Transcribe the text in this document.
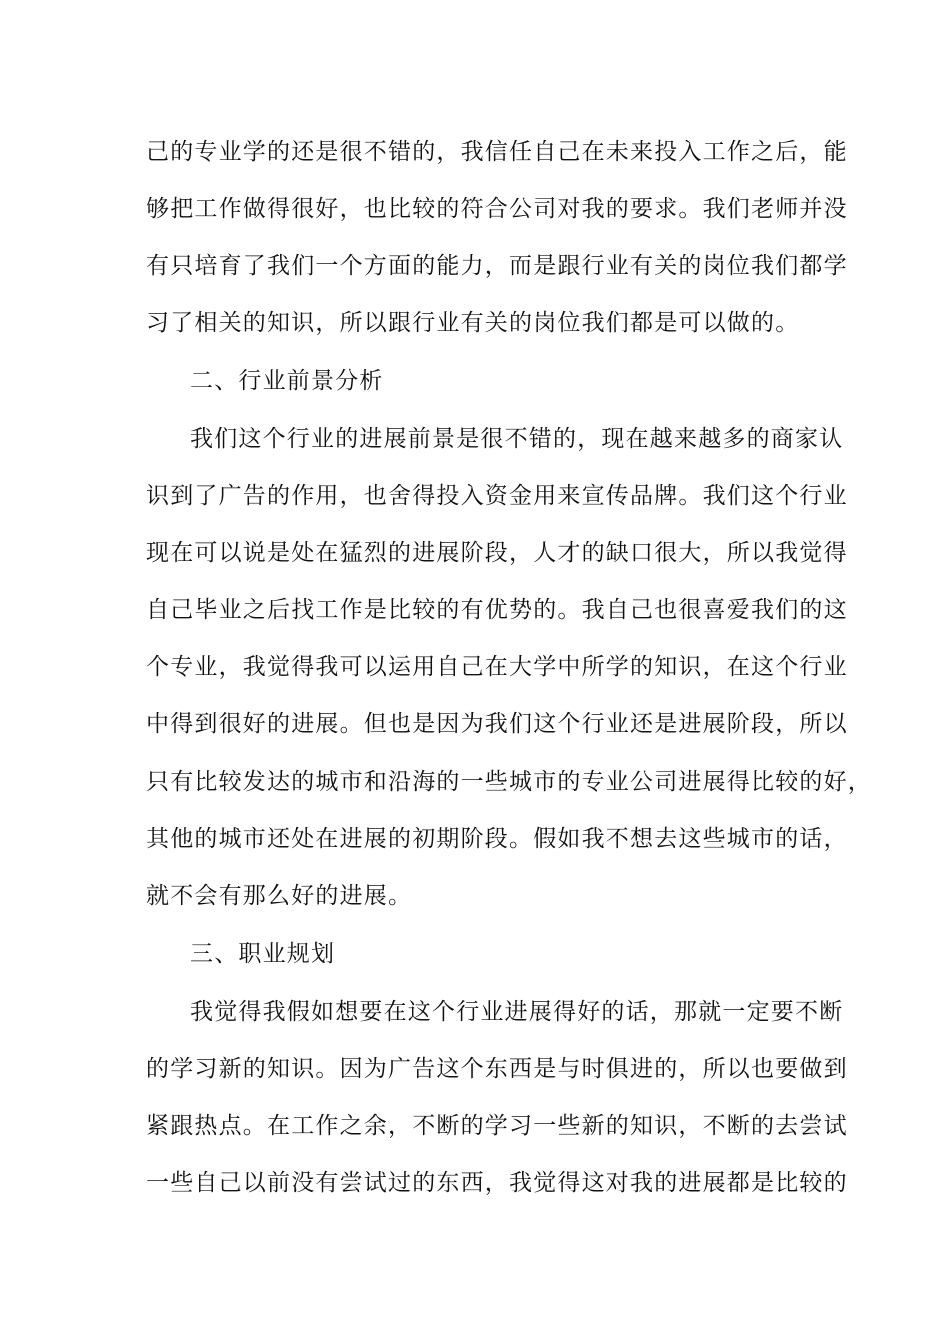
己的专业学的还是很不错的，我信任自己在未来投入工作之后，能
够把工作做得很好，也比较的符合公司对我的要求。我们老师并没
有只培育了我们一个方面的能力，而是跟行业有关的岗位我们都学
习了相关的知识，所以跟行业有关的岗位我们都是可以做的。
二、行业前景分析
我们这个行业的进展前景是很不错的，现在越来越多的商家认
识到了广告的作用，也舍得投入资金用来宣传品牌。我们这个行业
现在可以说是处在猛烈的进展阶段，人才的缺口很大，所以我觉得
自己毕业之后找工作是比较的有优势的。我自己也很喜爱我们的这
个专业，我觉得我可以运用自己在大学中所学的知识，在这个行业
中得到很好的进展。但也是因为我们这个行业还是进展阶段，所以
只有比较发达的城市和沿海的一些城市的专业公司进展得比较的好，
其他的城市还处在进展的初期阶段。假如我不想去这些城市的话，
就不会有那么好的进展。
三、职业规划
我觉得我假如想要在这个行业进展得好的话，那就一定要不断
的学习新的知识。因为广告这个东西是与时俱进的，所以也要做到
紧跟热点。在工作之余，不断的学习一些新的知识，不断的去尝试
一些自己以前没有尝试过的东西，我觉得这对我的进展都是比较的
